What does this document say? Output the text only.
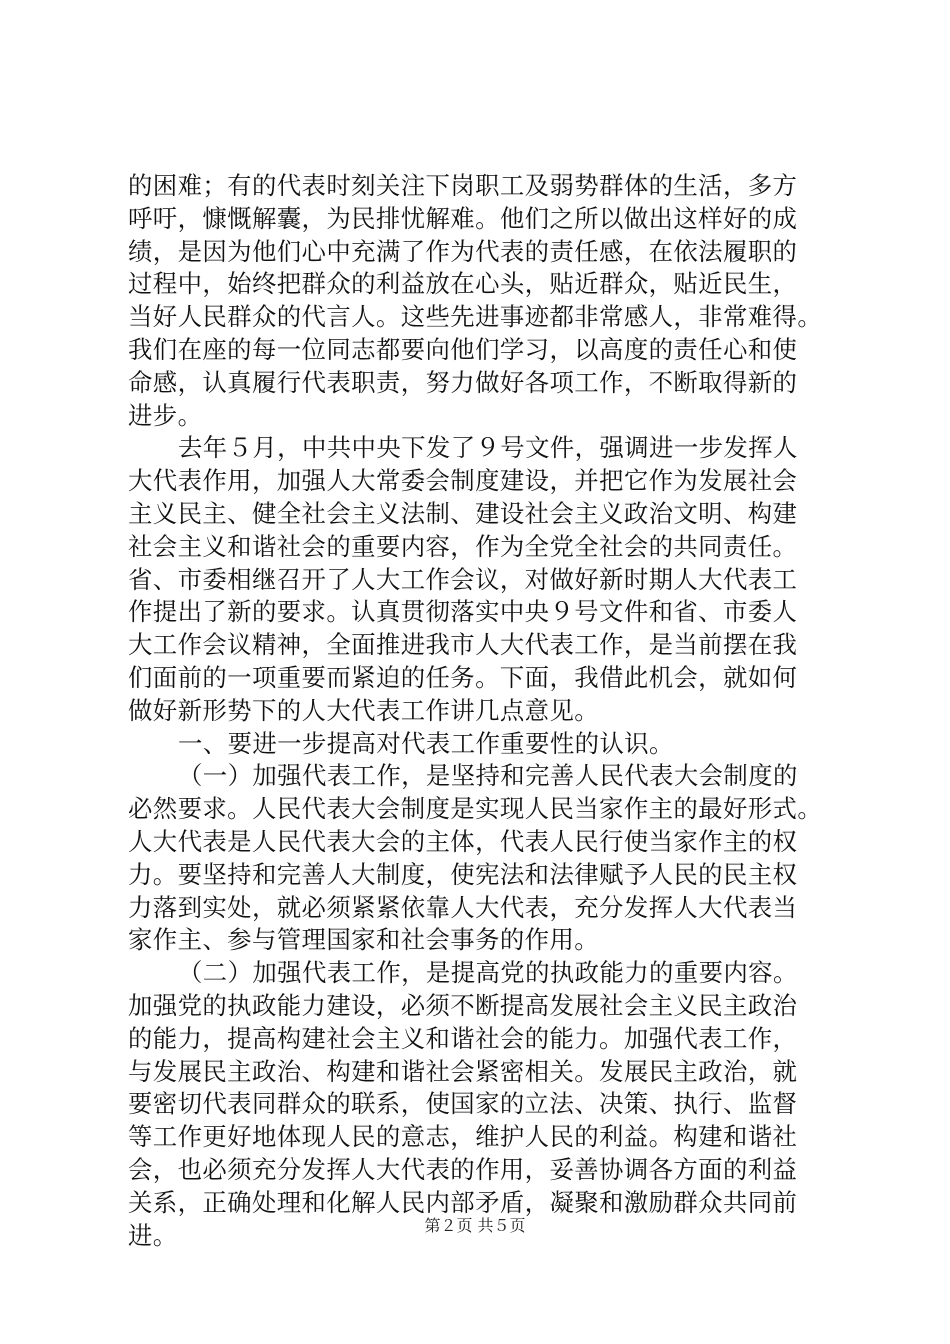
的困难；有的代表时刻关注下岗职工及弱势群体的生活，多方
呼吁，慷慨解囊，为民排忧解难。他们之所以做出这样好的成
绩，是因为他们心中充满了作为代表的责任感，在依法履职的
过程中，始终把群众的利益放在心头，贴近群众，贴近民生，
当好人民群众的代言人。这些先进事迹都非常感人，非常难得。
我们在座的每一位同志都要向他们学习，以高度的责任心和使
命感，认真履行代表职责，努力做好各项工作，不断取得新的
进步。
去年５月，中共中央下发了９号文件，强调进一步发挥人
大代表作用，加强人大常委会制度建设，并把它作为发展社会
主义民主、健全社会主义法制、建设社会主义政治文明、构建
社会主义和谐社会的重要内容，作为全党全社会的共同责任。
省、市委相继召开了人大工作会议，对做好新时期人大代表工
作提出了新的要求。认真贯彻落实中央９号文件和省、市委人
大工作会议精神，全面推进我市人大代表工作，是当前摆在我
们面前的一项重要而紧迫的任务。下面，我借此机会，就如何
做好新形势下的人大代表工作讲几点意见。
一、要进一步提高对代表工作重要性的认识。
（一）加强代表工作，是坚持和完善人民代表大会制度的
必然要求。人民代表大会制度是实现人民当家作主的最好形式。
人大代表是人民代表大会的主体，代表人民行使当家作主的权
力。要坚持和完善人大制度，使宪法和法律赋予人民的民主权
力落到实处，就必须紧紧依靠人大代表，充分发挥人大代表当
家作主、参与管理国家和社会事务的作用。
（二）加强代表工作，是提高党的执政能力的重要内容。
加强党的执政能力建设，必须不断提高发展社会主义民主政治
的能力，提高构建社会主义和谐社会的能力。加强代表工作，
与发展民主政治、构建和谐社会紧密相关。发展民主政治，就
要密切代表同群众的联系，使国家的立法、决策、执行、监督
等工作更好地体现人民的意志，维护人民的利益。构建和谐社
会，也必须充分发挥人大代表的作用，妥善协调各方面的利益
关系，正确处理和化解人民内部矛盾，凝聚和激励群众共同前
进。	第２页 共５页
